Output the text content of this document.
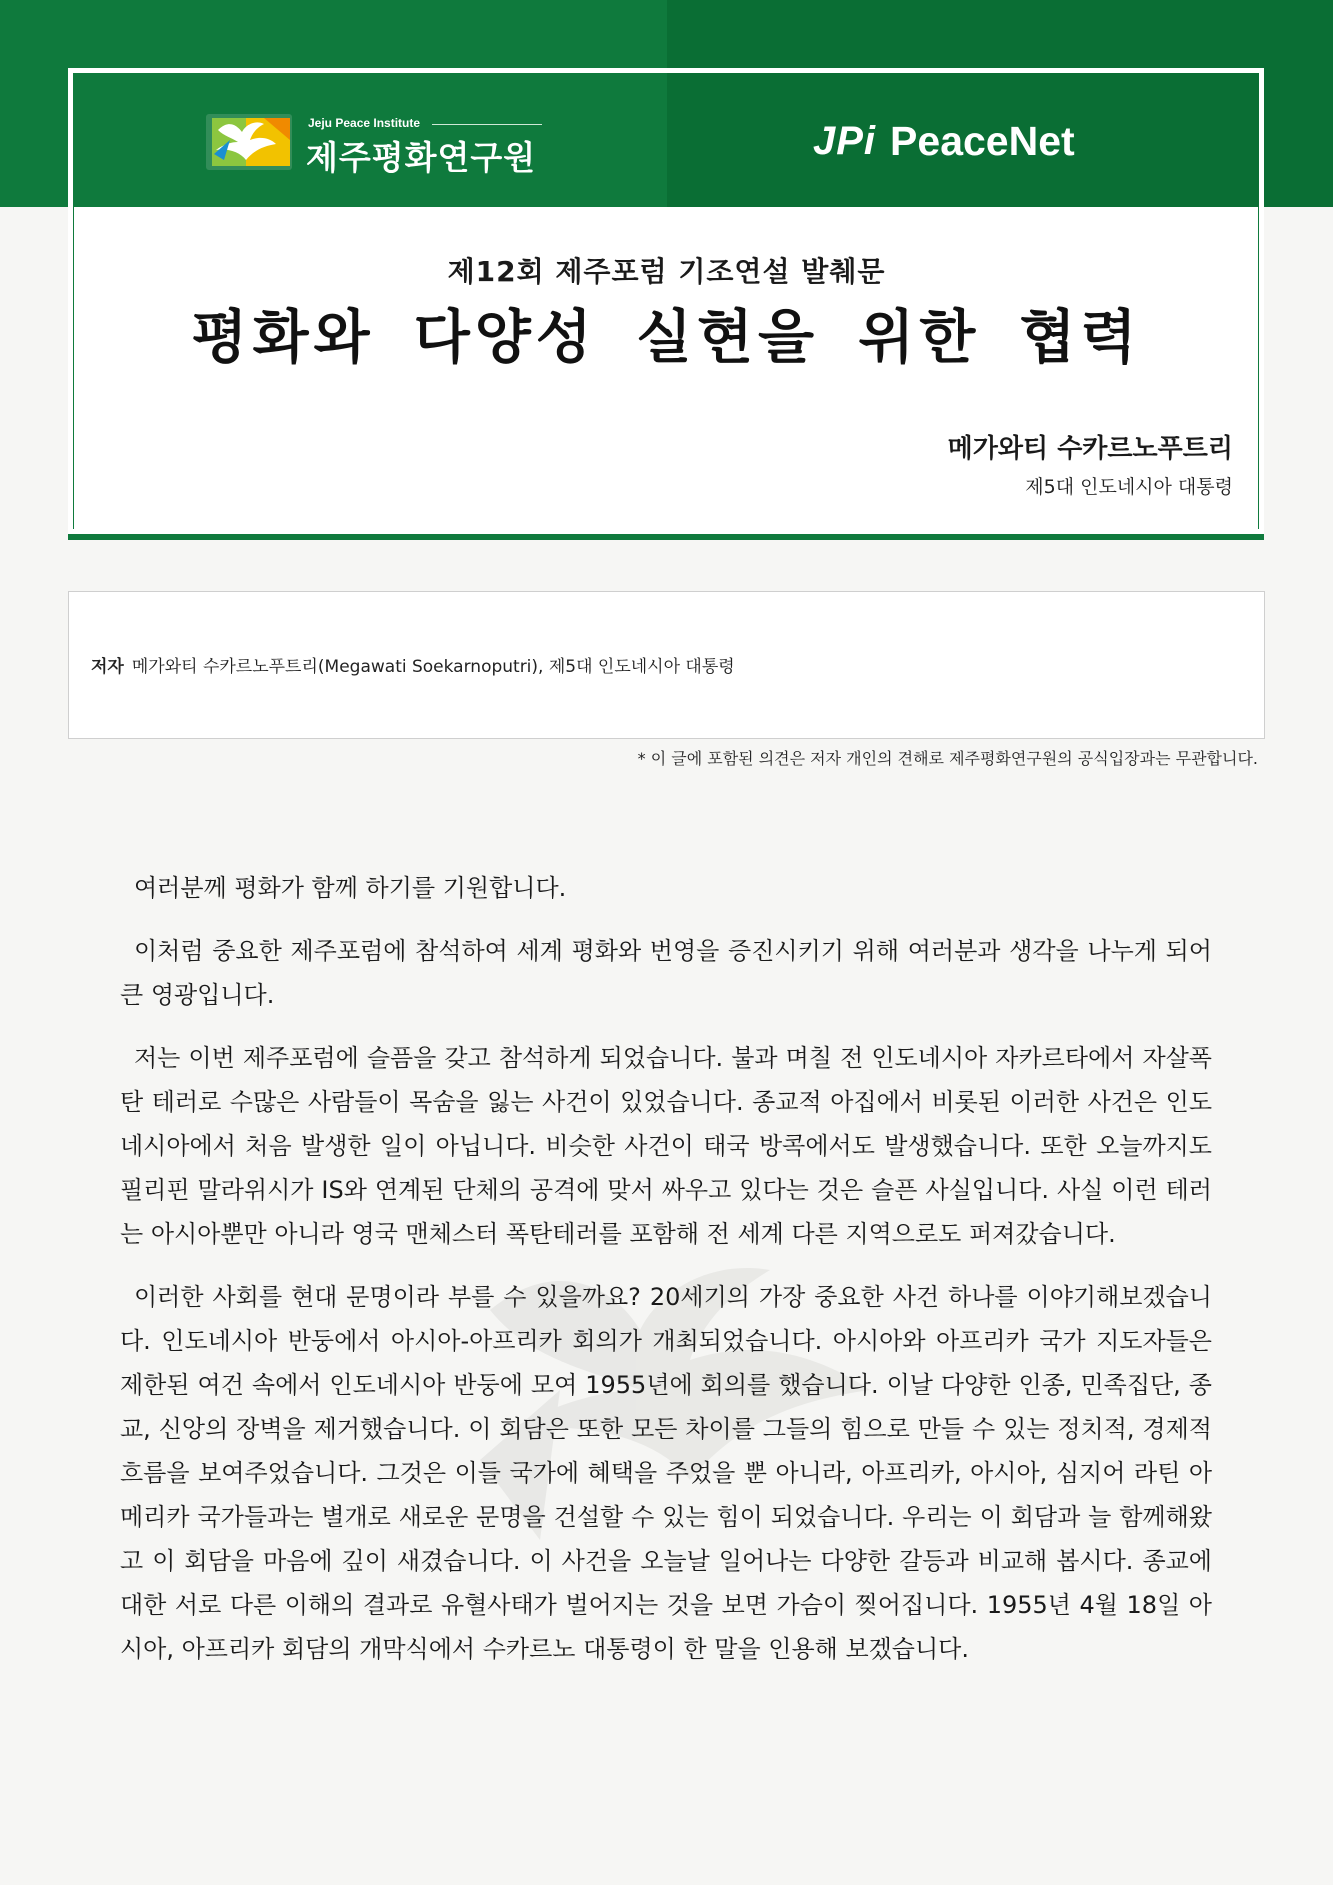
Jeju Peace Institute
제주평화연구원	JPi PeaceNet
제12회 제주포럼 기조연설 발췌문
평화와 다양성 실현을 위한 협력
메가와티 수카르노푸트리
제5대 인도네시아 대통령
저자 메가와티 수카르노푸트리(Megawati Soekarnoputri), 제5대 인도네시아 대통령
* 이 글에 포함된 의견은 저자 개인의 견해로 제주평화연구원의 공식입장과는 무관합니다.

여러분께 평화가 함께 하기를 기원합니다.

이처럼 중요한 제주포럼에 참석하여 세계 평화와 번영을 증진시키기 위해 여러분과 생각을 나누게 되어 큰 영광입니다.

저는 이번 제주포럼에 슬픔을 갖고 참석하게 되었습니다. 불과 며칠 전 인도네시아 자카르타에서 자살폭탄 테러로 수많은 사람들이 목숨을 잃는 사건이 있었습니다. 종교적 아집에서 비롯된 이러한 사건은 인도네시아에서 처음 발생한 일이 아닙니다. 비슷한 사건이 태국 방콕에서도 발생했습니다. 또한 오늘까지도 필리핀 말라위시가 IS와 연계된 단체의 공격에 맞서 싸우고 있다는 것은 슬픈 사실입니다. 사실 이런 테러는 아시아뿐만 아니라 영국 맨체스터 폭탄테러를 포함해 전 세계 다른 지역으로도 퍼져갔습니다.

이러한 사회를 현대 문명이라 부를 수 있을까요? 20세기의 가장 중요한 사건 하나를 이야기해보겠습니다. 인도네시아 반둥에서 아시아-아프리카 회의가 개최되었습니다. 아시아와 아프리카 국가 지도자들은 제한된 여건 속에서 인도네시아 반둥에 모여 1955년에 회의를 했습니다. 이날 다양한 인종, 민족집단, 종교, 신앙의 장벽을 제거했습니다. 이 회담은 또한 모든 차이를 그들의 힘으로 만들 수 있는 정치적, 경제적 흐름을 보여주었습니다. 그것은 이들 국가에 혜택을 주었을 뿐 아니라, 아프리카, 아시아, 심지어 라틴 아메리카 국가들과는 별개로 새로운 문명을 건설할 수 있는 힘이 되었습니다. 우리는 이 회담과 늘 함께해왔고 이 회담을 마음에 깊이 새겼습니다. 이 사건을 오늘날 일어나는 다양한 갈등과 비교해 봅시다. 종교에 대한 서로 다른 이해의 결과로 유혈사태가 벌어지는 것을 보면 가슴이 찢어집니다. 1955년 4월 18일 아시아, 아프리카 회담의 개막식에서 수카르노 대통령이 한 말을 인용해 보겠습니다.
